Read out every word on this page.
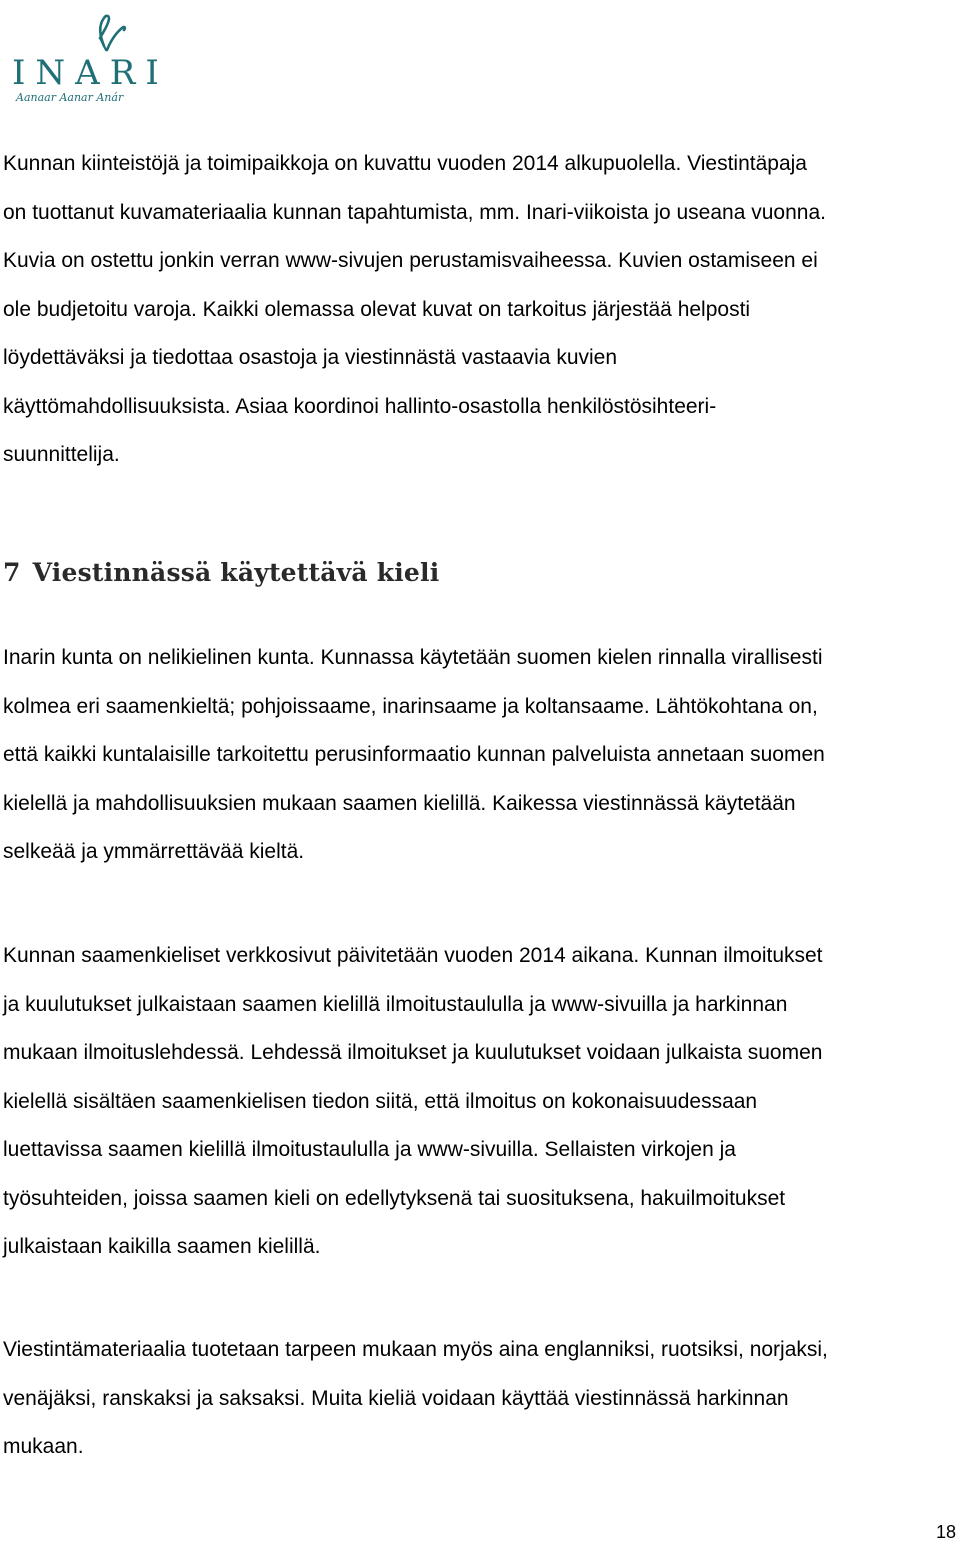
INARI
Aanaar Aanar Anár
Kunnan kiinteistöjä ja toimipaikkoja on kuvattu vuoden 2014 alkupuolella. Viestintäpaja
on tuottanut kuvamateriaalia kunnan tapahtumista, mm. Inari-viikoista jo useana vuonna.
Kuvia on ostettu jonkin verran www-sivujen perustamisvaiheessa. Kuvien ostamiseen ei
ole budjetoitu varoja. Kaikki olemassa olevat kuvat on tarkoitus järjestää helposti
löydettäväksi ja tiedottaa osastoja ja viestinnästä vastaavia kuvien
käyttömahdollisuuksista. Asiaa koordinoi hallinto-osastolla henkilöstösihteeri-
suunnittelija.
7 Viestinnässä käytettävä kieli
Inarin kunta on nelikielinen kunta. Kunnassa käytetään suomen kielen rinnalla virallisesti
kolmea eri saamenkieltä; pohjoissaame, inarinsaame ja koltansaame. Lähtökohtana on,
että kaikki kuntalaisille tarkoitettu perusinformaatio kunnan palveluista annetaan suomen
kielellä ja mahdollisuuksien mukaan saamen kielillä. Kaikessa viestinnässä käytetään
selkeää ja ymmärrettävää kieltä.
Kunnan saamenkieliset verkkosivut päivitetään vuoden 2014 aikana. Kunnan ilmoitukset
ja kuulutukset julkaistaan saamen kielillä ilmoitustaululla ja www-sivuilla ja harkinnan
mukaan ilmoituslehdessä. Lehdessä ilmoitukset ja kuulutukset voidaan julkaista suomen
kielellä sisältäen saamenkielisen tiedon siitä, että ilmoitus on kokonaisuudessaan
luettavissa saamen kielillä ilmoitustaululla ja www-sivuilla. Sellaisten virkojen ja
työsuhteiden, joissa saamen kieli on edellytyksenä tai suosituksena, hakuilmoitukset
julkaistaan kaikilla saamen kielillä.
Viestintämateriaalia tuotetaan tarpeen mukaan myös aina englanniksi, ruotsiksi, norjaksi,
venäjäksi, ranskaksi ja saksaksi. Muita kieliä voidaan käyttää viestinnässä harkinnan
mukaan.
18
